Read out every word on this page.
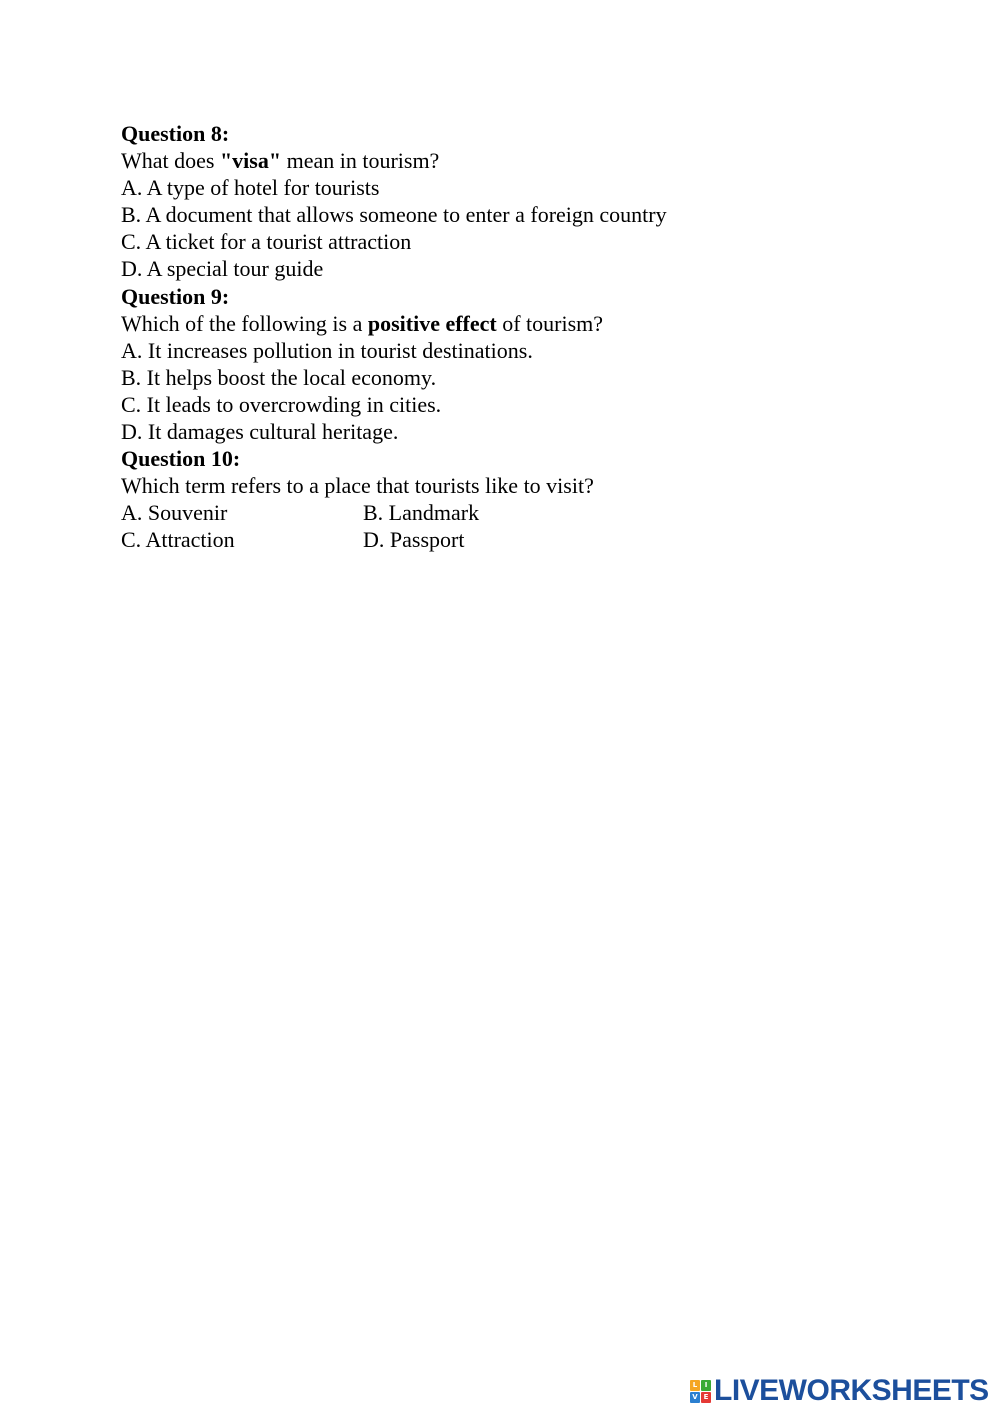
Question 8:
What does "visa" mean in tourism?
A. A type of hotel for tourists
B. A document that allows someone to enter a foreign country
C. A ticket for a tourist attraction
D. A special tour guide
Question 9:
Which of the following is a positive effect of tourism?
A. It increases pollution in tourist destinations.
B. It helps boost the local economy.
C. It leads to overcrowding in cities.
D. It damages cultural heritage.
Question 10:
Which term refers to a place that tourists like to visit?
A. Souvenir	B. Landmark
C. Attraction	D. Passport
L	I
V E LIVEWORKSHEETS
